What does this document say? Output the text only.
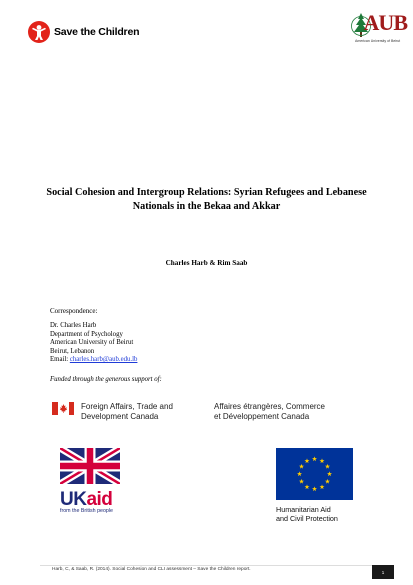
Save the Children	AUB
American University of Beirut
Social Cohesion and Intergroup Relations: Syrian Refugees and Lebanese
Nationals in the Bekaa and Akkar
Charles Harb & Rim Saab
Correspondence:
Dr. Charles Harb
Department of Psychology
American University of Beirut
Beirut, Lebanon
Email: charles.harb@aub.edu.lb
Funded through the generous support of:
Foreign Affairs, Trade and
Development Canada
Affaires étrangères, Commerce
et Développement Canada
UKaid
from the British people	Humanitarian Aid
and Civil Protection
Harb, C, & Saab, R. (2014). Social Cohesion and CLI assessment – Save the Children report.	1
